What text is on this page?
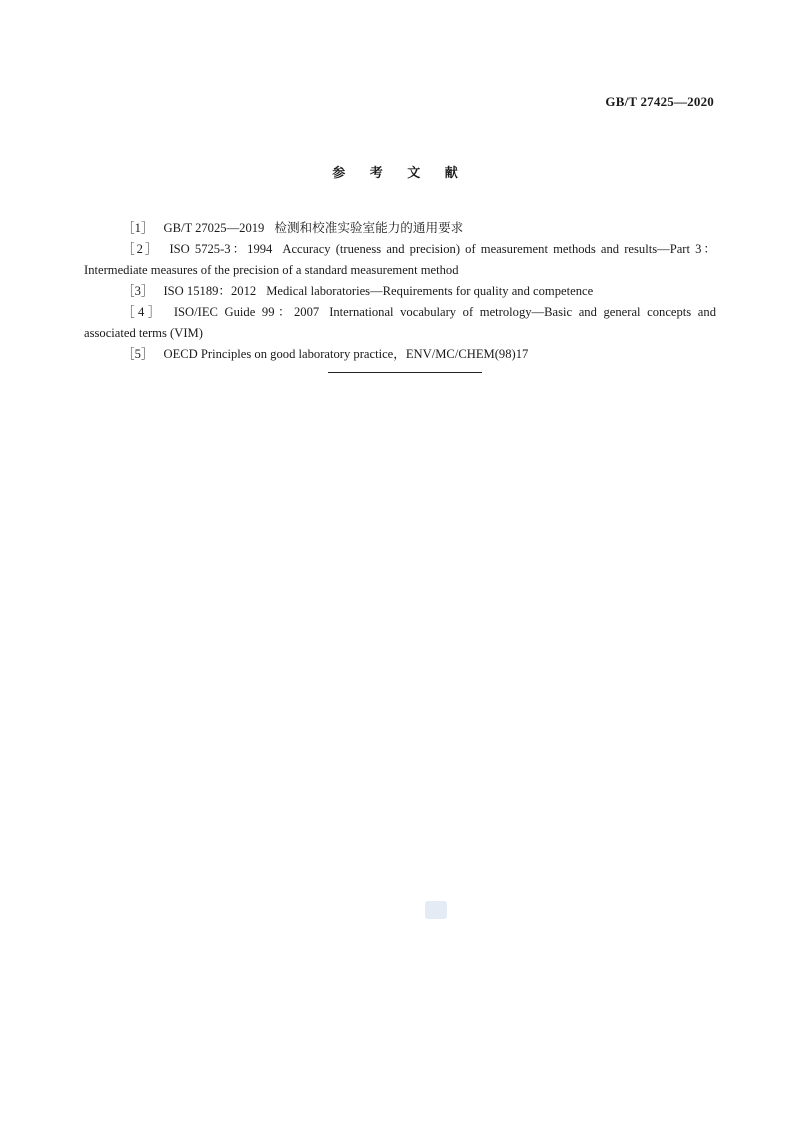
GB/T 27425—2020
参 考 文 献

［1］ GB/T 27025—2019 检测和校准实验室能力的通用要求

［2］ ISO 5725-3：1994 Accuracy (trueness and precision) of measurement methods and results—Part 3：Intermediate measures of the precision of a standard measurement method

［3］ ISO 15189：2012 Medical laboratories—Requirements for quality and competence

［4］ ISO/IEC Guide 99：2007 International vocabulary of metrology—Basic and general concepts and associated terms (VIM)

［5］ OECD Principles on good laboratory practice，ENV/MC/CHEM(98)17
